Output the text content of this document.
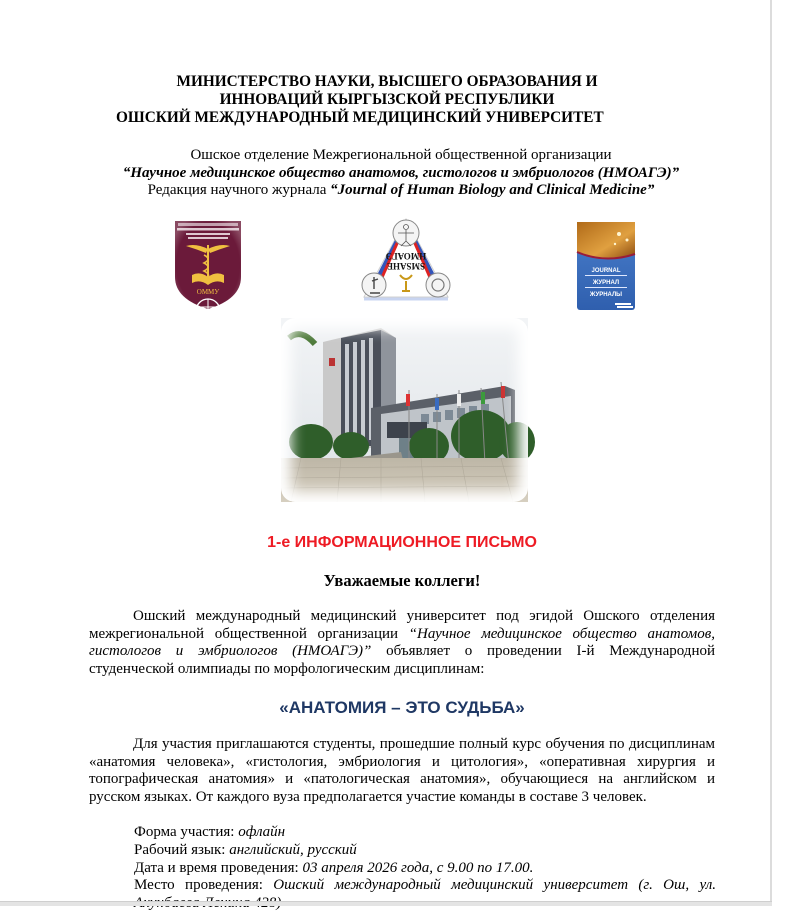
МИНИСТЕРСТВО НАУКИ, ВЫСШЕГО ОБРАЗОВАНИЯ И
ИННОВАЦИЙ КЫРГЫЗСКОЙ РЕСПУБЛИКИ
ОШСКИЙ МЕЖДУНАРОДНЫЙ МЕДИЦИНСКИЙ УНИВЕРСИТЕТ
Ошское отделение Межрегиональной общественной организации
“Научное медицинское общество анатомов, гистологов и эмбриологов (НМОАГЭ)”
Редакция научного журнала “Journal of Human Biology and Clinical Medicine”
ОММУ
НМОАГЭ
SMSAHE	JOURNAL
ЖУРНАЛ
ЖУРНАЛЫ
1-е ИНФОРМАЦИОННОЕ ПИСЬМО
Уважаемые коллеги!
Ошский международный медицинский университет под эгидой Ошского отделения межрегиональной общественной организации “Научное медицинское общество анатомов, гистологов и эмбриологов (НМОАГЭ)” объявляет о проведении I-й Международной студенческой олимпиады по морфологическим дисциплинам:
«АНАТОМИЯ – ЭТО СУДЬБА»
Для участия приглашаются студенты, прошедшие полный курс обучения по дисциплинам «анатомия человека», «гистология, эмбриология и цитология», «оперативная хирургия и топографическая анатомия» и «патологическая анатомия», обучающиеся на английском и русском языках. От каждого вуза предполагается участие команды в составе 3 человек.
Форма участия: офлайн
Рабочий язык: английский, русский
Дата и время проведения: 03 апреля 2026 года, с 9.00 по 17.00.
Место проведения: Ошский международный медицинский университет (г. Ош, ул.
